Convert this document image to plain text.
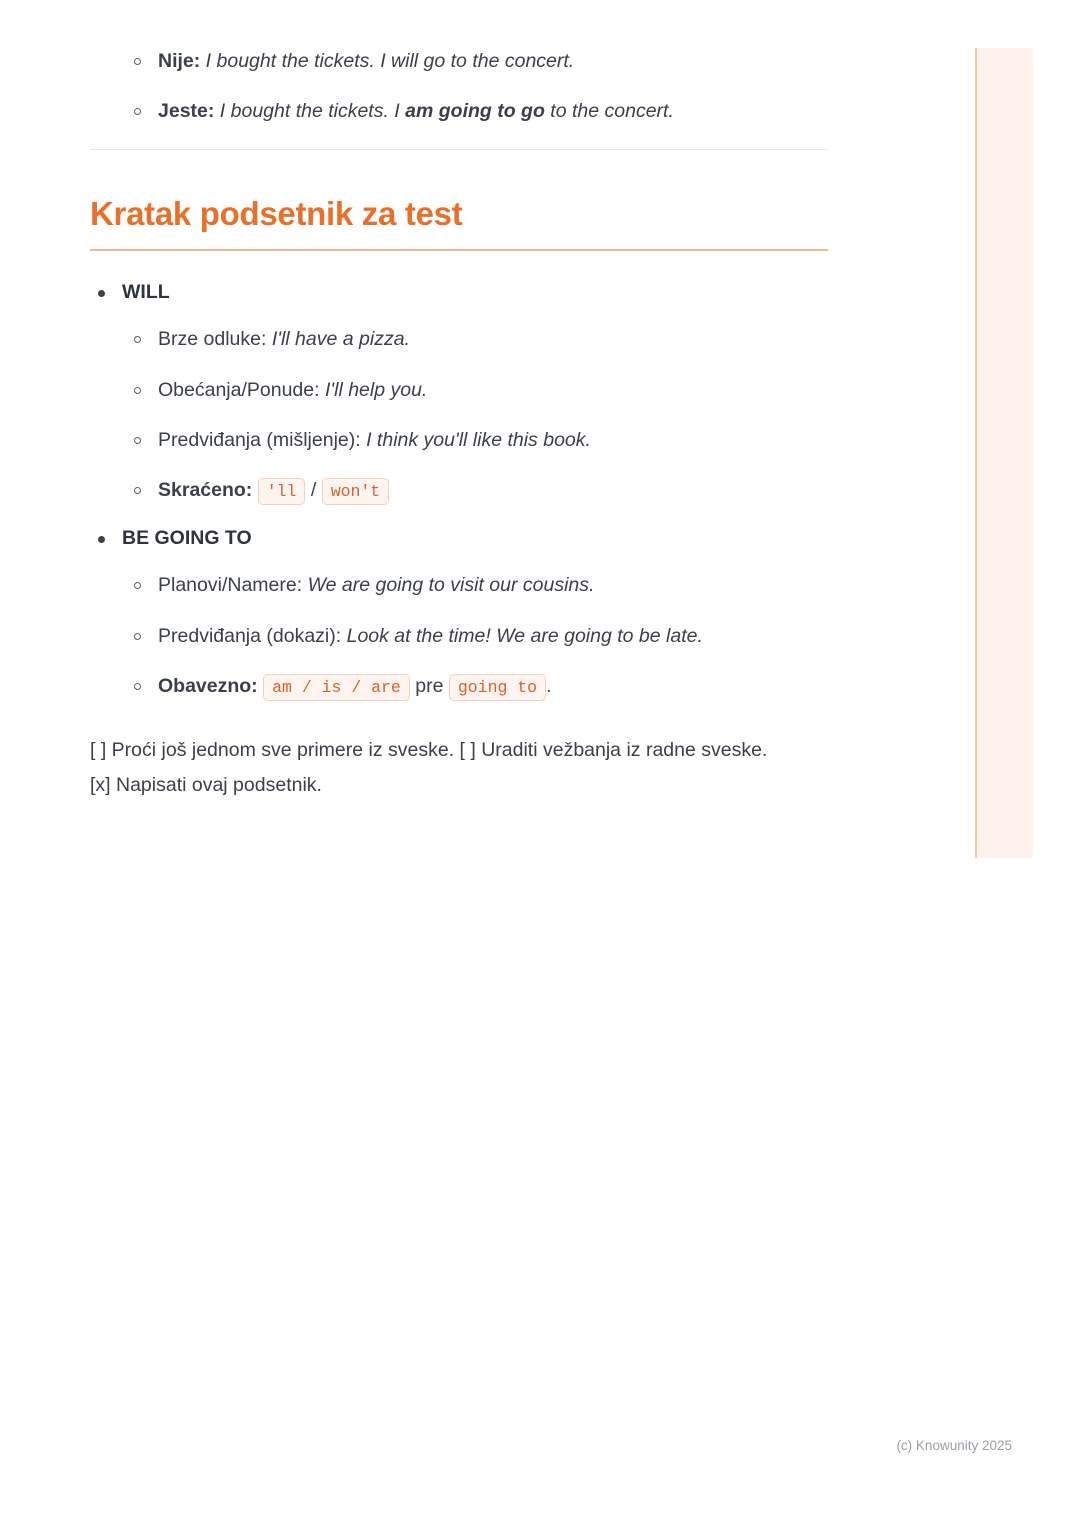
Nije: I bought the tickets. I will go to the concert.
Jeste: I bought the tickets. I am going to go to the concert.
Kratak podsetnik za test
WILL
Brze odluke: I'll have a pizza.
Obećanja/Ponude: I'll help you.
Predviđanja (mišljenje): I think you'll like this book.
Skraćeno: 'll / won't
BE GOING TO
Planovi/Namere: We are going to visit our cousins.
Predviđanja (dokazi): Look at the time! We are going to be late.
Obavezno: am / is / are pre going to .
[ ] Proći još jednom sve primere iz sveske. [ ] Uraditi vežbanja iz radne sveske.
[x] Napisati ovaj podsetnik.
(c) Knowunity 2025
